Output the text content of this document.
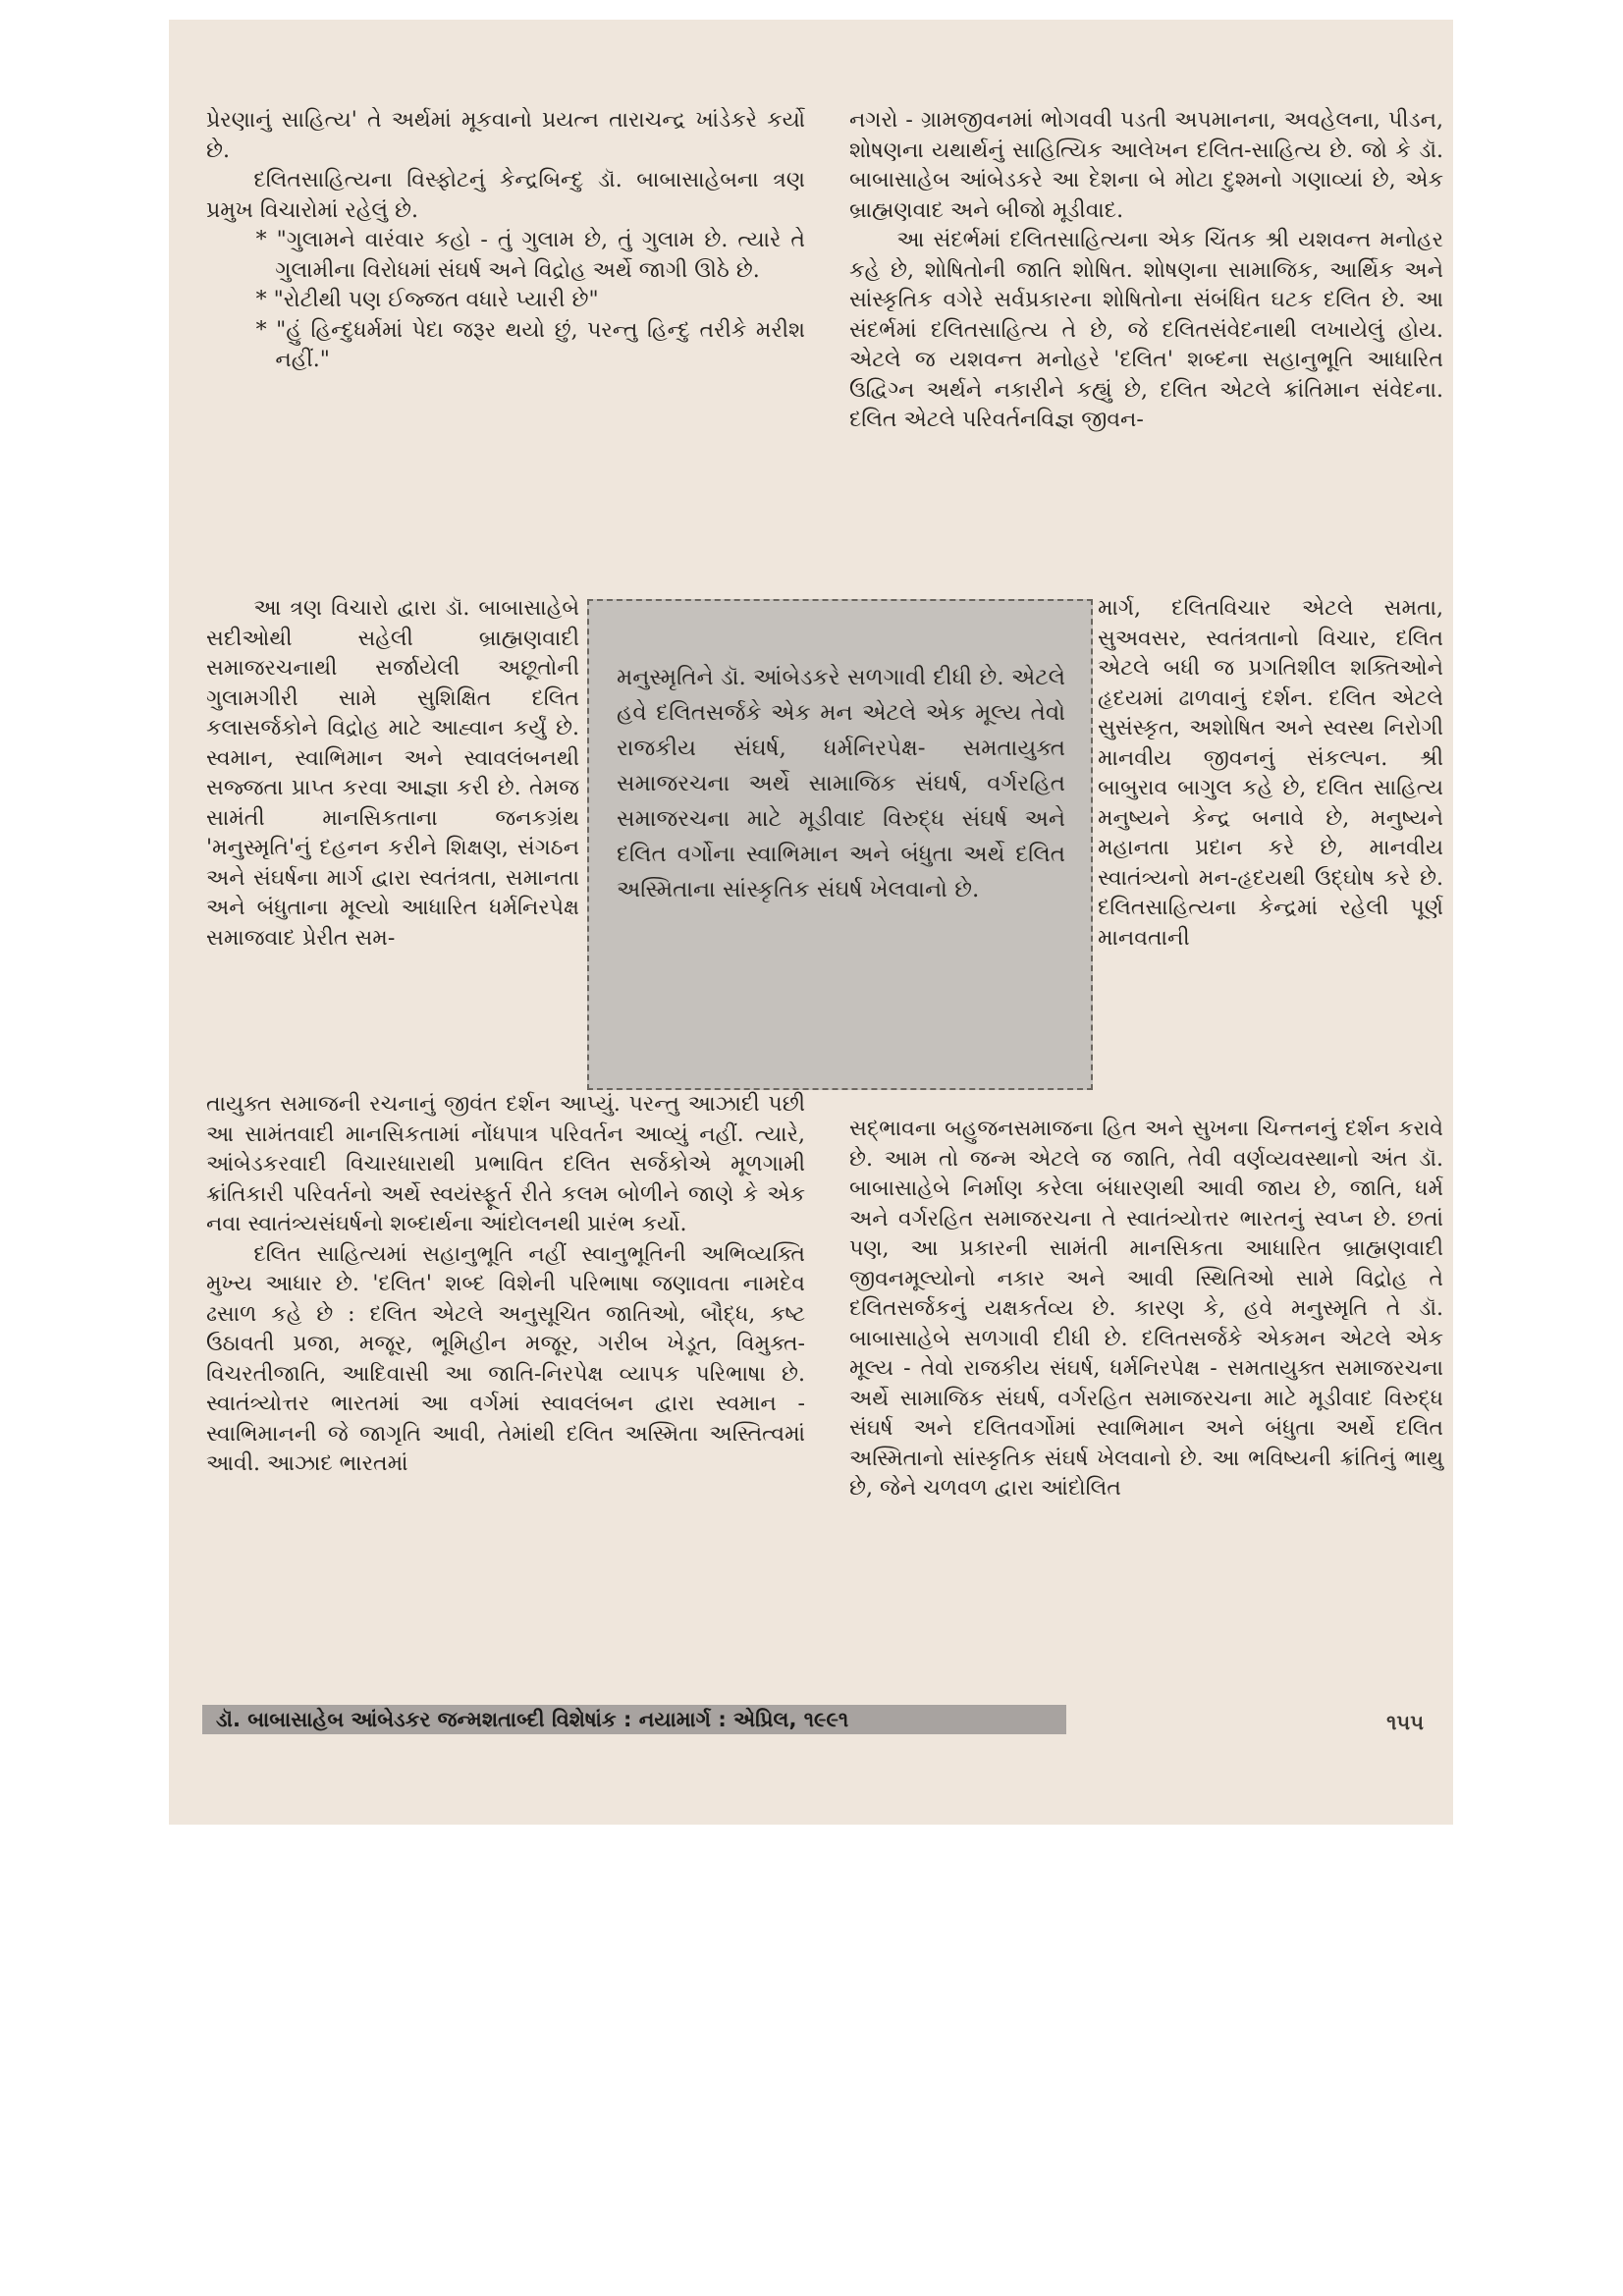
પ્રેરણાનું સાહિત્ય' તે અર્થમાં મૂકવાનો પ્રયત્ન તારાચન્દ્ર ખાંડેકરે કર્યો છે.

દલિતસાહિત્યના વિસ્ફોટનું કેન્દ્રબિન્દુ ડૉ. બાબાસાહેબના ત્રણ પ્રમુખ વિચારોમાં રહેલું છે.

* "ગુલામને વારંવાર કહો - તું ગુલામ છે, તું ગુલામ છે. ત્યારે તે ગુલામીના વિરોધમાં સંઘર્ષ અને વિદ્રોહ અર્થે જાગી ઊઠે છે.

* "રોટીથી પણ ઈજ્જત વધારે પ્યારી છે"

* "હું હિન્દુધર્મમાં પેદા જરૂર થયો છું, પરન્તુ હિન્દુ તરીકે મરીશ નહીં."

આ ત્રણ વિચારો દ્વારા ડૉ. બાબાસાહેબે સદીઓથી સહેલી બ્રાહ્મણવાદી સમાજરચનાથી સર્જાયેલી અછૂતોની ગુલામગીરી સામે સુશિક્ષિત દલિત કલાસર્જકોને વિદ્રોહ માટે આહ્વાન કર્યું છે. સ્વમાન, સ્વાભિમાન અને સ્વાવલંબનથી સજ્જતા પ્રાપ્ત કરવા આજ્ઞા કરી છે. તેમજ સામંતી માનસિકતાના જનકગ્રંથ 'મનુસ્મૃતિ'નું દહનન કરીને શિક્ષણ, સંગઠન અને સંઘર્ષના માર્ગ દ્વારા સ્વતંત્રતા, સમાનતા અને બંધુતાના મૂલ્યો આધારિત ધર્મનિરપેક્ષ સમાજવાદ પ્રેરીત સમ-

તાયુક્ત સમાજની રચનાનું જીવંત દર્શન આપ્યું. પરન્તુ આઝાદી પછી આ સામંતવાદી માનસિકતામાં નોંધપાત્ર પરિવર્તન આવ્યું નહીં. ત્યારે, આંબેડકરવાદી વિચારધારાથી પ્રભાવિત દલિત સર્જકોએ મૂળગામી ક્રાંતિકારી પરિવર્તનો અર્થે સ્વયંસ્ફૂર્ત રીતે કલમ બોળીને જાણે કે એક નવા સ્વાતંત્ર્યસંઘર્ષનો શબ્દાર્થના આંદોલનથી પ્રારંભ કર્યો.

દલિત સાહિત્યમાં સહાનુભૂતિ નહીં સ્વાનુભૂતિની અભિવ્યક્તિ મુખ્ય આધાર છે. 'દલિત' શબ્દ વિશેની પરિભાષા જણાવતા નામદેવ ઢસાળ કહે છે : દલિત એટલે અનુસૂચિત જાતિઓ, બૌદ્ધ, કષ્ટ ઉઠાવતી પ્રજા, મજૂર, ભૂમિહીન મજૂર, ગરીબ ખેડૂત, વિમુક્ત-વિચરતીજાતિ, આદિવાસી આ જાતિ-નિરપેક્ષ વ્યાપક પરિભાષા છે. સ્વાતંત્ર્યોત્તર ભારતમાં આ વર્ગમાં સ્વાવલંબન દ્વારા સ્વમાન - સ્વાભિમાનની જે જાગૃતિ આવી, તેમાંથી દલિત અસ્મિતા અસ્તિત્વમાં આવી. આઝાદ ભારતમાં

નગરો - ગ્રામજીવનમાં ભોગવવી પડતી અપમાનના, અવહેલના, પીડન, શોષણના યથાર્થનું સાહિત્યિક આલેખન દલિત-સાહિત્ય છે. જો કે ડૉ. બાબાસાહેબ આંબેડકરે આ દેશના બે મોટા દુશ્મનો ગણાવ્યાં છે, એક બ્રાહ્મણવાદ અને બીજો મૂડીવાદ.

આ સંદર્ભમાં દલિતસાહિત્યના એક ચિંતક શ્રી યશવન્ત મનોહર કહે છે, શોષિતોની જાતિ શોષિત. શોષણના સામાજિક, આર્થિક અને સાંસ્કૃતિક વગેરે સર્વપ્રકારના શોષિતોના સંબંધિત ઘટક દલિત છે. આ સંદર્ભમાં દલિતસાહિત્ય તે છે, જે દલિતસંવેદનાથી લખાયેલું હોય. એટલે જ યશવન્ત મનોહરે 'દલિત' શબ્દના સહાનુભૂતિ આધારિત ઉદ્વિગ્ન અર્થને નકારીને કહ્યું છે, દલિત એટલે ક્રાંતિમાન સંવેદના. દલિત એટલે પરિવર્તનવિજ્ઞ જીવન-

માર્ગ, દલિતવિચાર એટલે સમતા, સુઅવસર, સ્વતંત્રતાનો વિચાર, દલિત એટલે બધી જ પ્રગતિશીલ શક્તિઓને હૃદયમાં ઢાળવાનું દર્શન. દલિત એટલે સુસંસ્કૃત, અશોષિત અને સ્વસ્થ નિરોગી માનવીય જીવનનું સંકલ્પન. શ્રી બાબુરાવ બાગુલ કહે છે, દલિત સાહિત્ય મનુષ્યને કેન્દ્ર બનાવે છે, મનુષ્યને મહાનતા પ્રદાન કરે છે, માનવીય સ્વાતંત્ર્યનો મન-હૃદયથી ઉદ્ઘોષ કરે છે. દલિતસાહિત્યના કેન્દ્રમાં રહેલી પૂર્ણ માનવતાની

સદ્ભાવના બહુજનસમાજના હિત અને સુખના ચિન્તનનું દર્શન કરાવે છે. આમ તો જન્મ એટલે જ જાતિ, તેવી વર્ણવ્યવસ્થાનો અંત ડૉ. બાબાસાહેબે નિર્માણ કરેલા બંધારણથી આવી જાય છે, જાતિ, ધર્મ અને વર્ગરહિત સમાજરચના તે સ્વાતંત્ર્યોત્તર ભારતનું સ્વપ્ન છે. છતાં પણ, આ પ્રકારની સામંતી માનસિકતા આધારિત બ્રાહ્મણવાદી જીવનમૂલ્યોનો નકાર અને આવી સ્થિતિઓ સામે વિદ્રોહ તે દલિતસર્જકનું યક્ષકર્તવ્ય છે. કારણ કે, હવે મનુસ્મૃતિ તે ડૉ. બાબાસાહેબે સળગાવી દીધી છે. દલિતસર્જકે એકમન એટલે એક મૂલ્ય - તેવો રાજકીય સંઘર્ષ, ધર્મનિરપેક્ષ - સમતાયુક્ત સમાજરચના અર્થે સામાજિક સંઘર્ષ, વર્ગરહિત સમાજરચના માટે મૂડીવાદ વિરુદ્ધ સંઘર્ષ અને દલિતવર્ગોમાં સ્વાભિમાન અને બંધુતા અર્થે દલિત અસ્મિતાનો સાંસ્કૃતિક સંઘર્ષ ખેલવાનો છે. આ ભવિષ્યની ક્રાંતિનું ભાથુ છે, જેને ચળવળ દ્વારા આંદોલિત

મનુસ્મૃતિને ડૉ. આંબેડકરે સળગાવી દીધી છે. એટલે હવે દલિતસર્જકે એક મન એટલે એક મૂલ્ય તેવો રાજકીય સંઘર્ષ, ધર્મનિરપેક્ષ- સમતાયુક્ત સમાજરચના અર્થે સામાજિક સંઘર્ષ, વર્ગરહિત સમાજરચના માટે મૂડીવાદ વિરુદ્ધ સંઘર્ષ અને દલિત વર્ગોના સ્વાભિમાન અને બંધુતા અર્થે દલિત અસ્મિતાના સાંસ્કૃતિક સંઘર્ષ ખેલવાનો છે.
ડૉ. બાબાસાહેબ આંબેડકર જન્મશતાબ્દી વિશેષાંક : નયામાર્ગ : એપ્રિલ, ૧૯૯૧	૧૫૫
